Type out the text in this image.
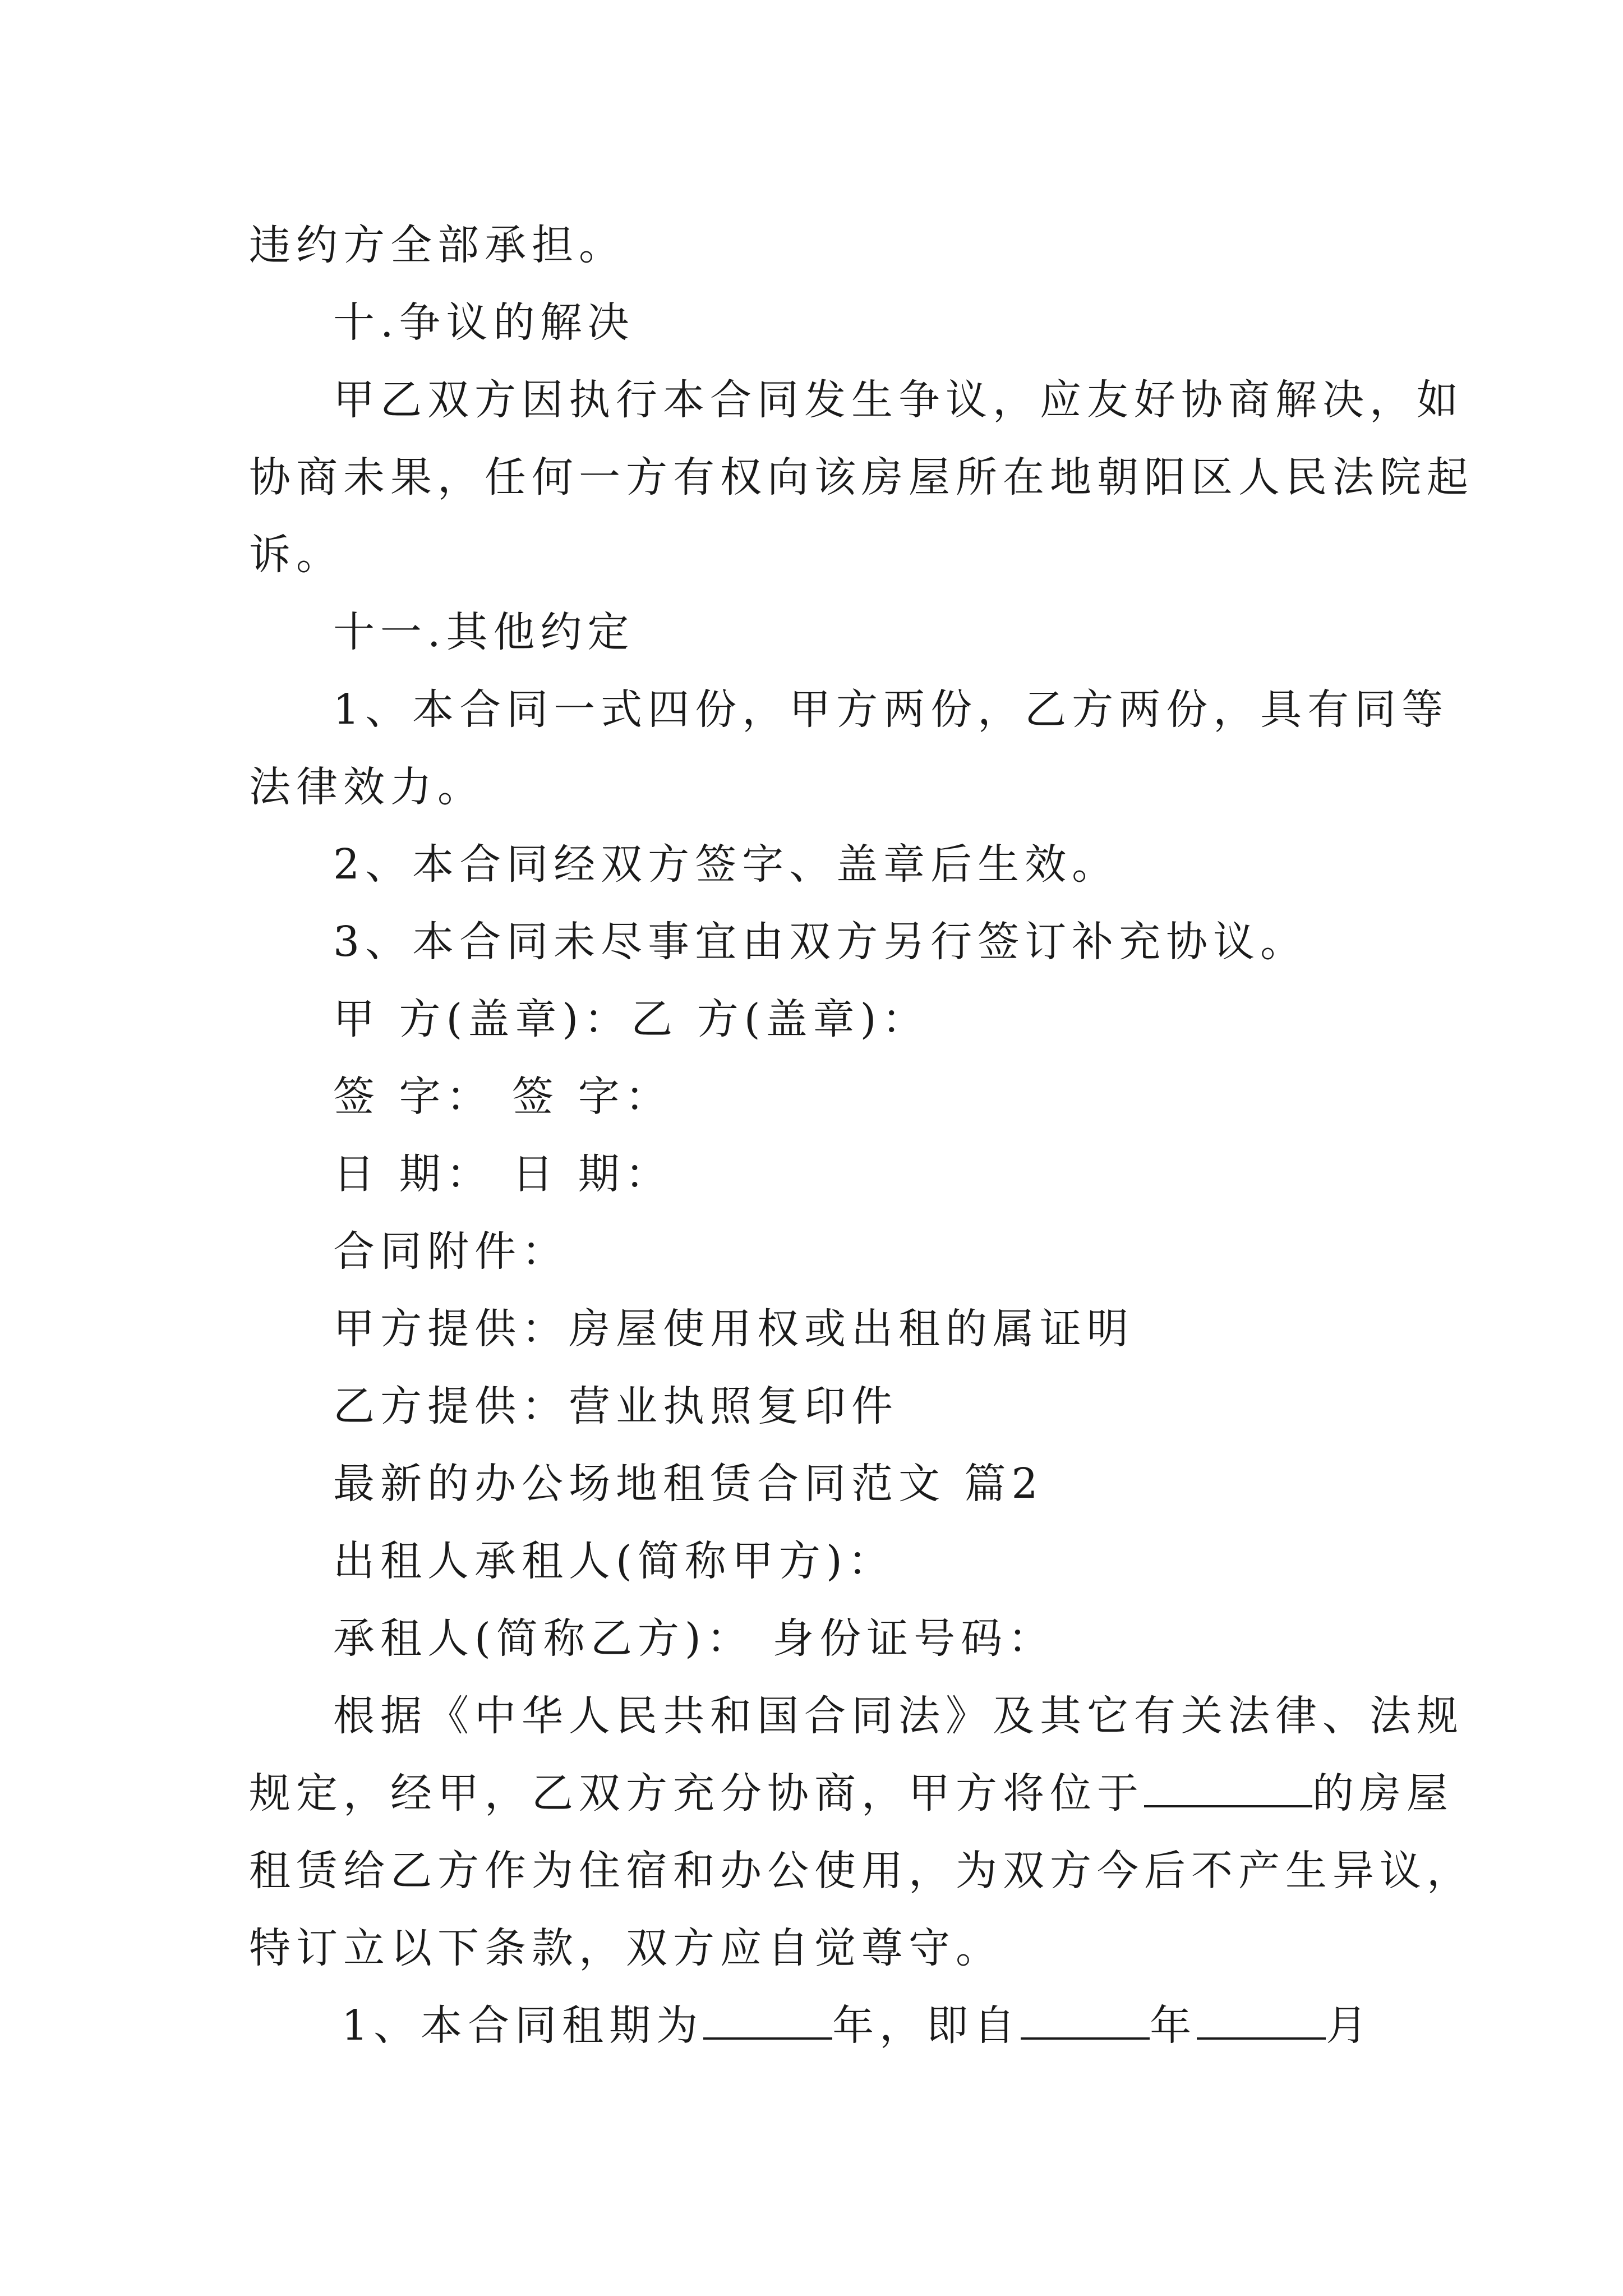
违约方全部承担。
十.争议的解决
甲乙双方因执行本合同发生争议，应友好协商解决，如
协商未果，任何一方有权向该房屋所在地朝阳区人民法院起
诉。
十一.其他约定
1、本合同一式四份，甲方两份，乙方两份，具有同等
法律效力。
2、本合同经双方签字、盖章后生效。
3、本合同未尽事宜由双方另行签订补充协议。
甲 方(盖章)：乙 方(盖章)：
签 字： 签 字：
日 期： 日 期：
合同附件：
甲方提供：房屋使用权或出租的属证明
乙方提供：营业执照复印件
最新的办公场地租赁合同范文 篇2
出租人承租人(简称甲方)：
承租人(简称乙方)： 身份证号码：
根据《中华人民共和国合同法》及其它有关法律、法规
规定，经甲，乙双方充分协商，甲方将位于	的房屋
租赁给乙方作为住宿和办公使用，为双方今后不产生异议，
特订立以下条款，双方应自觉尊守。
1、本合同租期为	年，即自	年	月
